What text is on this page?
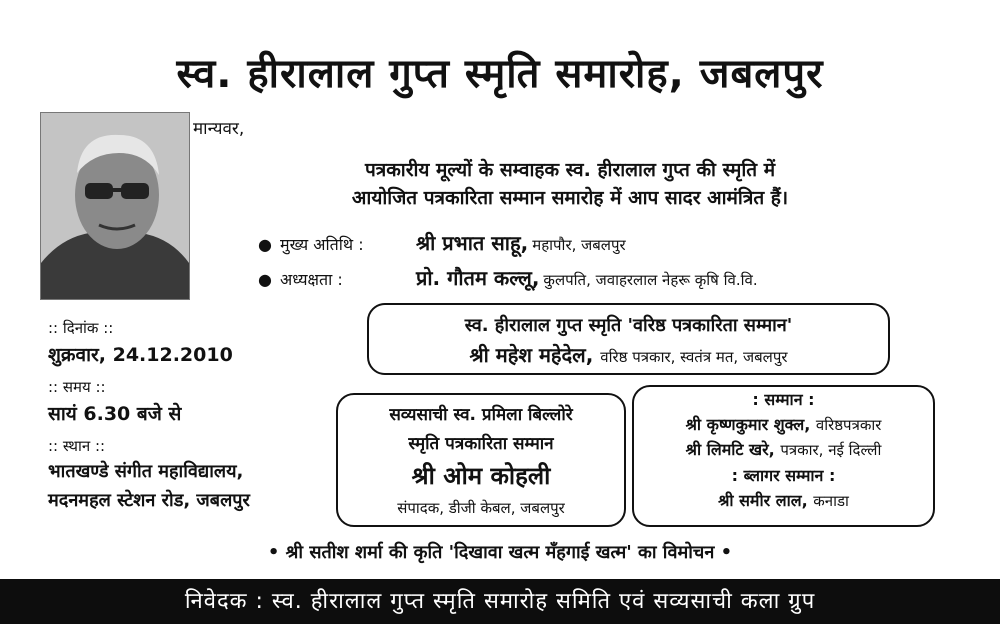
स्व. हीरालाल गुप्त स्मृति समारोह, जबलपुर
मान्यवर,
पत्रकारीय मूल्यों के सम्वाहक स्व. हीरालाल गुप्त की स्मृति में
आयोजित पत्रकारिता सम्मान समारोह में आप सादर आमंत्रित हैं।
● मुख्य अतिथि :	श्री प्रभात साहू, महापौर, जबलपुर
● अध्यक्षता :	प्रो. गौतम कल्लू, कुलपति, जवाहरलाल नेहरू कृषि वि.वि.
:: दिनांक ::
शुक्रवार, 24.12.2010
:: समय ::
सायं 6.30 बजे से
:: स्थान ::
भातखण्डे संगीत महाविद्यालय,
मदनमहल स्टेशन रोड, जबलपुर
स्व. हीरालाल गुप्त स्मृति 'वरिष्ठ पत्रकारिता सम्मान'
श्री महेश महेदेल, वरिष्ठ पत्रकार, स्वतंत्र मत, जबलपुर
सव्यसाची स्व. प्रमिला बिल्लोरे
स्मृति पत्रकारिता सम्मान
श्री ओम कोहली
संपादक, डीजी केबल, जबलपुर
: सम्मान :
श्री कृष्णकुमार शुक्ल, वरिष्ठपत्रकार
श्री लिमटि खरे, पत्रकार, नई दिल्ली
: ब्लागर सम्मान :
श्री समीर लाल, कनाडा
• श्री सतीश शर्मा की कृति 'दिखावा खत्म मँहगाई खत्म' का विमोचन •
निवेदक : स्व. हीरालाल गुप्त स्मृति समारोह समिति एवं सव्यसाची कला ग्रुप
